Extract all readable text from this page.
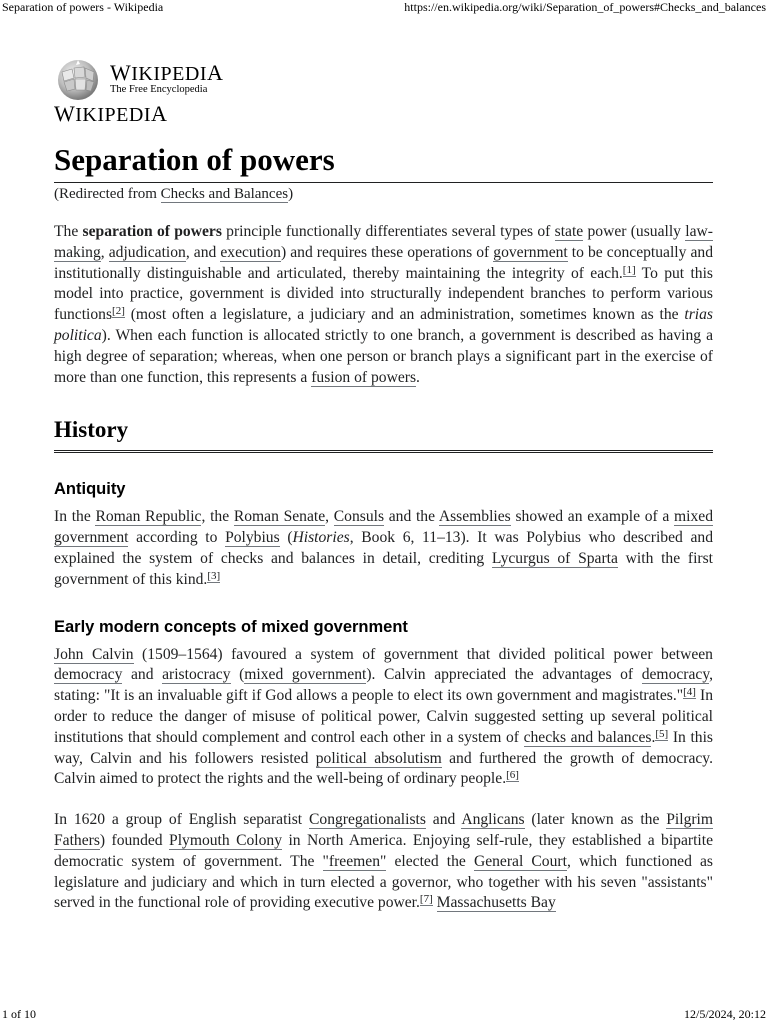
Separation of powers - Wikipedia	https://en.wikipedia.org/wiki/Separation_of_powers#Checks_and_balances
WIKIPEDIA
The Free Encyclopedia
WIKIPEDIA
Separation of powers
(Redirected from Checks and Balances)

The separation of powers principle functionally differentiates several types of state power (usually law-making, adjudication, and execution) and requires these operations of government to be conceptually and institutionally distinguishable and articulated, thereby maintaining the integrity of each.[1] To put this model into practice, government is divided into structurally independent branches to perform various functions[2] (most often a legislature, a judiciary and an administration, sometimes known as the trias politica). When each function is allocated strictly to one branch, a government is described as having a high degree of separation; whereas, when one person or branch plays a significant part in the exercise of more than one function, this represents a fusion of powers.

History
Antiquity

In the Roman Republic, the Roman Senate, Consuls and the Assemblies showed an example of a mixed government according to Polybius (Histories, Book 6, 11–13). It was Polybius who described and explained the system of checks and balances in detail, crediting Lycurgus of Sparta with the first government of this kind.[3]

Early modern concepts of mixed government

John Calvin (1509–1564) favoured a system of government that divided political power between democracy and aristocracy (mixed government). Calvin appreciated the advantages of democracy, stating: "It is an invaluable gift if God allows a people to elect its own government and magistrates."[4] In order to reduce the danger of misuse of political power, Calvin suggested setting up several political institutions that should complement and control each other in a system of checks and balances.[5] In this way, Calvin and his followers resisted political absolutism and furthered the growth of democracy. Calvin aimed to protect the rights and the well-being of ordinary people.[6]

In 1620 a group of English separatist Congregationalists and Anglicans (later known as the Pilgrim Fathers) founded Plymouth Colony in North America. Enjoying self-rule, they established a bipartite democratic system of government. The "freemen" elected the General Court, which functioned as legislature and judiciary and which in turn elected a governor, who together with his seven "assistants" served in the functional role of providing executive power.[7] Massachusetts Bay

1 of 10	12/5/2024, 20:12
